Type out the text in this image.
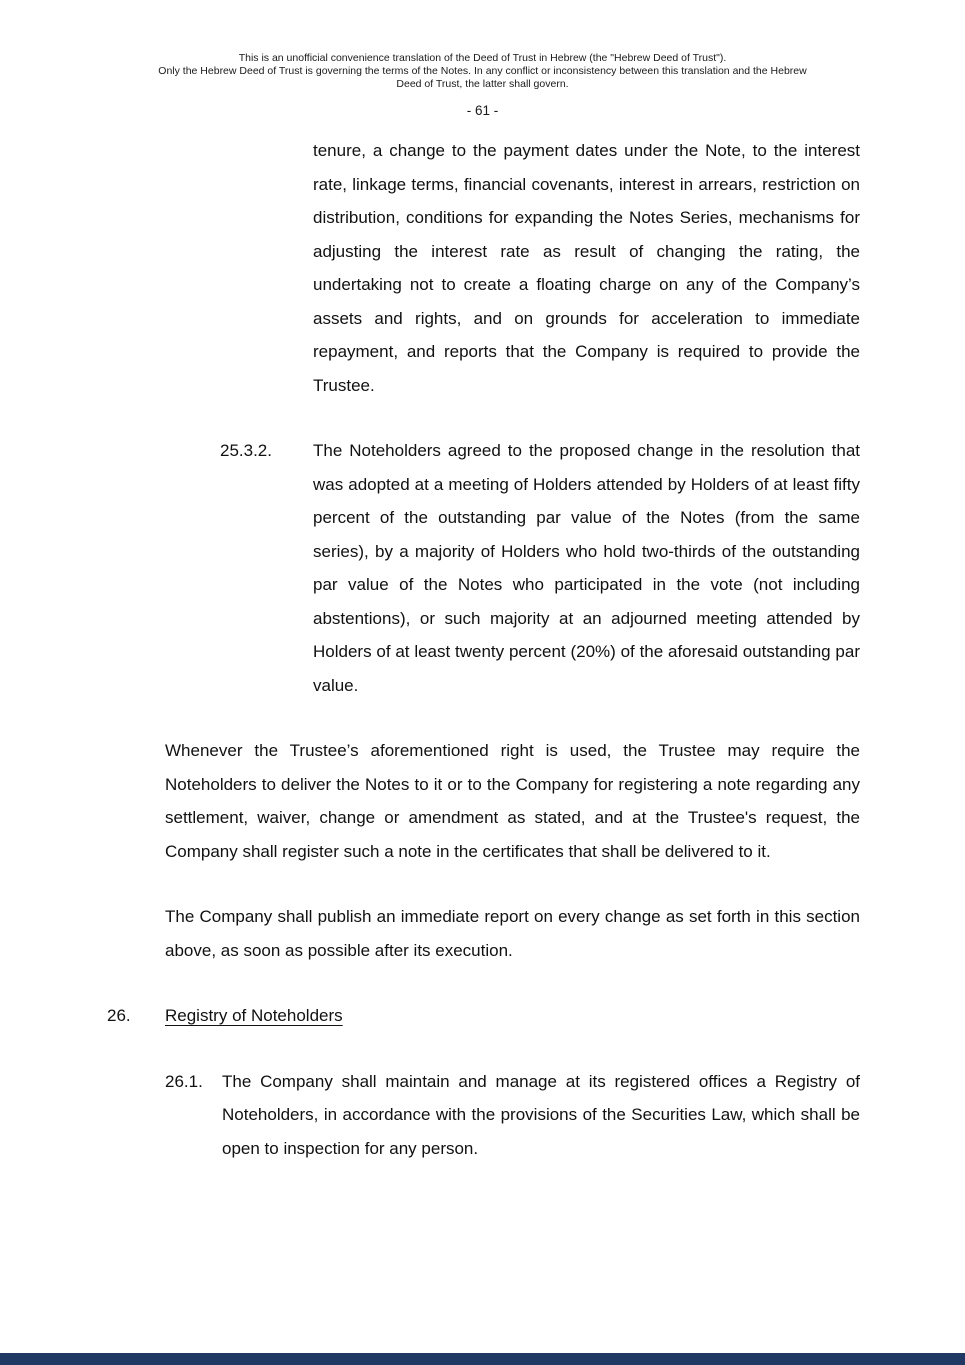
This is an unofficial convenience translation of the Deed of Trust in Hebrew (the "Hebrew Deed of Trust").
Only the Hebrew Deed of Trust is governing the terms of the Notes. In any conflict or inconsistency between this translation and the Hebrew
Deed of Trust, the latter shall govern.
- 61 -

tenure, a change to the payment dates under the Note, to the interest rate, linkage terms, financial covenants, interest in arrears, restriction on distribution, conditions for expanding the Notes Series, mechanisms for adjusting the interest rate as result of changing the rating, the undertaking not to create a floating charge on any of the Company’s assets and rights, and on grounds for acceleration to immediate repayment, and reports that the Company is required to provide the Trustee.

25.3.2.	The Noteholders agreed to the proposed change in the resolution that was adopted at a meeting of Holders attended by Holders of at least fifty percent of the outstanding par value of the Notes (from the same series), by a majority of Holders who hold two-thirds of the outstanding par value of the Notes who participated in the vote (not including abstentions), or such majority at an adjourned meeting attended by Holders of at least twenty percent (20%) of the aforesaid outstanding par value.

Whenever the Trustee’s aforementioned right is used, the Trustee may require the Noteholders to deliver the Notes to it or to the Company for registering a note regarding any settlement, waiver, change or amendment as stated, and at the Trustee's request, the Company shall register such a note in the certificates that shall be delivered to it.

The Company shall publish an immediate report on every change as set forth in this section above, as soon as possible after its execution.

26.	Registry of Noteholders
26.1.	The Company shall maintain and manage at its registered offices a Registry of Noteholders, in accordance with the provisions of the Securities Law, which shall be open to inspection for any person.
